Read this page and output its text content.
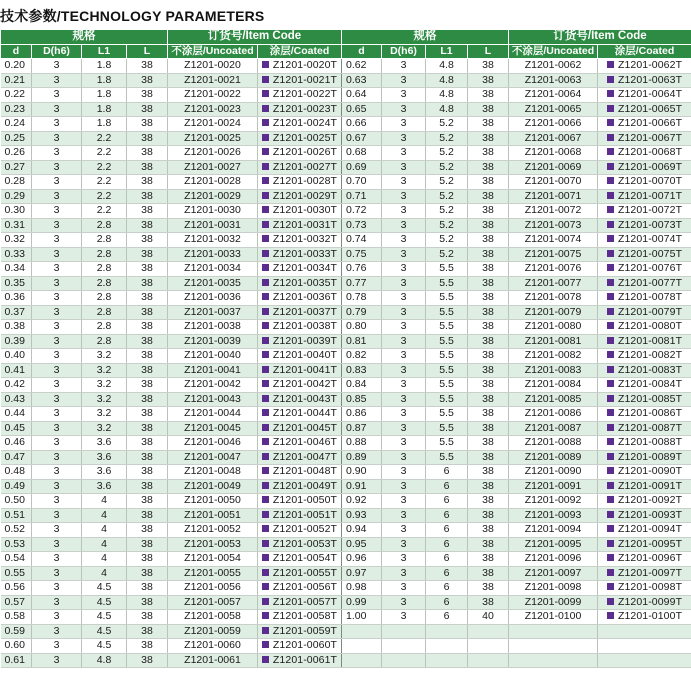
技术参数/TECHNOLOGY PARAMETERS
规格				订货号/Item Code		规格				订货号/Item Code	
d	D(h6)	L1	L	不涂层/Uncoated	涂层/Coated	d	D(h6)	L1	L	不涂层/Uncoated	涂层/Coated
0.20	3	1.8	38	Z1201-0020	Z1201-0020T	0.62	3	4.8	38	Z1201-0062	Z1201-0062T
0.21	3	1.8	38	Z1201-0021	Z1201-0021T	0.63	3	4.8	38	Z1201-0063	Z1201-0063T
0.22	3	1.8	38	Z1201-0022	Z1201-0022T	0.64	3	4.8	38	Z1201-0064	Z1201-0064T
0.23	3	1.8	38	Z1201-0023	Z1201-0023T	0.65	3	4.8	38	Z1201-0065	Z1201-0065T
0.24	3	1.8	38	Z1201-0024	Z1201-0024T	0.66	3	5.2	38	Z1201-0066	Z1201-0066T
0.25	3	2.2	38	Z1201-0025	Z1201-0025T	0.67	3	5.2	38	Z1201-0067	Z1201-0067T
0.26	3	2.2	38	Z1201-0026	Z1201-0026T	0.68	3	5.2	38	Z1201-0068	Z1201-0068T
0.27	3	2.2	38	Z1201-0027	Z1201-0027T	0.69	3	5.2	38	Z1201-0069	Z1201-0069T
0.28	3	2.2	38	Z1201-0028	Z1201-0028T	0.70	3	5.2	38	Z1201-0070	Z1201-0070T
0.29	3	2.2	38	Z1201-0029	Z1201-0029T	0.71	3	5.2	38	Z1201-0071	Z1201-0071T
0.30	3	2.2	38	Z1201-0030	Z1201-0030T	0.72	3	5.2	38	Z1201-0072	Z1201-0072T
0.31	3	2.8	38	Z1201-0031	Z1201-0031T	0.73	3	5.2	38	Z1201-0073	Z1201-0073T
0.32	3	2.8	38	Z1201-0032	Z1201-0032T	0.74	3	5.2	38	Z1201-0074	Z1201-0074T
0.33	3	2.8	38	Z1201-0033	Z1201-0033T	0.75	3	5.2	38	Z1201-0075	Z1201-0075T
0.34	3	2.8	38	Z1201-0034	Z1201-0034T	0.76	3	5.5	38	Z1201-0076	Z1201-0076T
0.35	3	2.8	38	Z1201-0035	Z1201-0035T	0.77	3	5.5	38	Z1201-0077	Z1201-0077T
0.36	3	2.8	38	Z1201-0036	Z1201-0036T	0.78	3	5.5	38	Z1201-0078	Z1201-0078T
0.37	3	2.8	38	Z1201-0037	Z1201-0037T	0.79	3	5.5	38	Z1201-0079	Z1201-0079T
0.38	3	2.8	38	Z1201-0038	Z1201-0038T	0.80	3	5.5	38	Z1201-0080	Z1201-0080T
0.39	3	2.8	38	Z1201-0039	Z1201-0039T	0.81	3	5.5	38	Z1201-0081	Z1201-0081T
0.40	3	3.2	38	Z1201-0040	Z1201-0040T	0.82	3	5.5	38	Z1201-0082	Z1201-0082T
0.41	3	3.2	38	Z1201-0041	Z1201-0041T	0.83	3	5.5	38	Z1201-0083	Z1201-0083T
0.42	3	3.2	38	Z1201-0042	Z1201-0042T	0.84	3	5.5	38	Z1201-0084	Z1201-0084T
0.43	3	3.2	38	Z1201-0043	Z1201-0043T	0.85	3	5.5	38	Z1201-0085	Z1201-0085T
0.44	3	3.2	38	Z1201-0044	Z1201-0044T	0.86	3	5.5	38	Z1201-0086	Z1201-0086T
0.45	3	3.2	38	Z1201-0045	Z1201-0045T	0.87	3	5.5	38	Z1201-0087	Z1201-0087T
0.46	3	3.6	38	Z1201-0046	Z1201-0046T	0.88	3	5.5	38	Z1201-0088	Z1201-0088T
0.47	3	3.6	38	Z1201-0047	Z1201-0047T	0.89	3	5.5	38	Z1201-0089	Z1201-0089T
0.48	3	3.6	38	Z1201-0048	Z1201-0048T	0.90	3	6	38	Z1201-0090	Z1201-0090T
0.49	3	3.6	38	Z1201-0049	Z1201-0049T	0.91	3	6	38	Z1201-0091	Z1201-0091T
0.50	3	4	38	Z1201-0050	Z1201-0050T	0.92	3	6	38	Z1201-0092	Z1201-0092T
0.51	3	4	38	Z1201-0051	Z1201-0051T	0.93	3	6	38	Z1201-0093	Z1201-0093T
0.52	3	4	38	Z1201-0052	Z1201-0052T	0.94	3	6	38	Z1201-0094	Z1201-0094T
0.53	3	4	38	Z1201-0053	Z1201-0053T	0.95	3	6	38	Z1201-0095	Z1201-0095T
0.54	3	4	38	Z1201-0054	Z1201-0054T	0.96	3	6	38	Z1201-0096	Z1201-0096T
0.55	3	4	38	Z1201-0055	Z1201-0055T	0.97	3	6	38	Z1201-0097	Z1201-0097T
0.56	3	4.5	38	Z1201-0056	Z1201-0056T	0.98	3	6	38	Z1201-0098	Z1201-0098T
0.57	3	4.5	38	Z1201-0057	Z1201-0057T	0.99	3	6	38	Z1201-0099	Z1201-0099T
0.58	3	4.5	38	Z1201-0058	Z1201-0058T	1.00	3	6	40	Z1201-0100	Z1201-0100T
0.59	3	4.5	38	Z1201-0059	Z1201-0059T						
0.60	3	4.5	38	Z1201-0060	Z1201-0060T						
0.61	3	4.8	38	Z1201-0061	Z1201-0061T						
